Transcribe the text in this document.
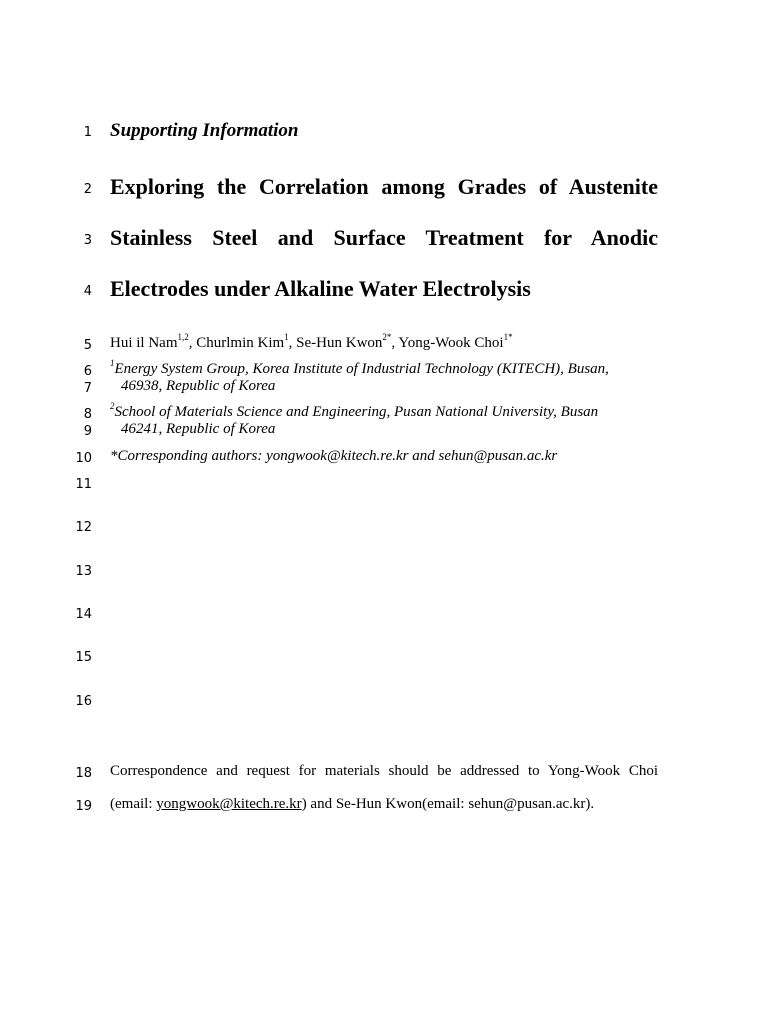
1
2
3
4
5
6
7
8
9
10
11
12
13
14
15
16
18
19
Supporting Information
Exploring the Correlation among Grades of Austenite
Stainless Steel and Surface Treatment for Anodic
Electrodes under Alkaline Water Electrolysis
Hui il Nam$^{1,2}$, Churlmin Kim$^1$, Se-Hun Kwon$^{2*}$, Yong-Wook Choi$^{1*}$
$^1$Energy System Group, Korea Institute of Industrial Technology (KITECH), Busan,
46938, Republic of Korea
$^2$School of Materials Science and Engineering, Pusan National University, Busan
46241, Republic of Korea
*Corresponding authors: yongwook@kitech.re.kr and sehun@pusan.ac.kr
Correspondence and request for materials should be addressed to Yong-Wook Choi
(email: yongwook@kitech.re.kr) and Se-Hun Kwon(email: sehun@pusan.ac.kr).
